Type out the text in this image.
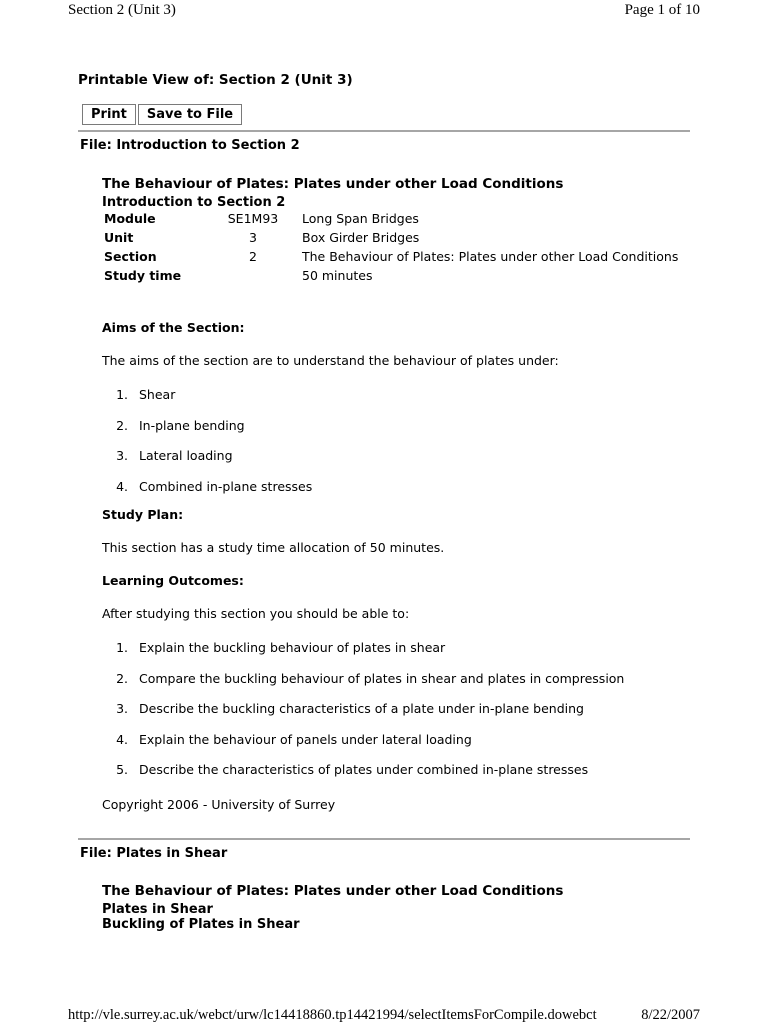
Section 2 (Unit 3)	Page 1 of 10
Printable View of: Section 2 (Unit 3)
Print Save to File
File: Introduction to Section 2
The Behaviour of Plates: Plates under other Load Conditions
Introduction to Section 2
Module	SE1M93	Long Span Bridges
Unit	3	Box Girder Bridges
Section	2	The Behaviour of Plates: Plates under other Load Conditions
Study time		50 minutes
Aims of the Section:
The aims of the section are to understand the behaviour of plates under:
1. Shear
2. In-plane bending
3. Lateral loading
4. Combined in-plane stresses
Study Plan:
This section has a study time allocation of 50 minutes.
Learning Outcomes:
After studying this section you should be able to:
1. Explain the buckling behaviour of plates in shear
2. Compare the buckling behaviour of plates in shear and plates in compression
3. Describe the buckling characteristics of a plate under in-plane bending
4. Explain the behaviour of panels under lateral loading
5. Describe the characteristics of plates under combined in-plane stresses
Copyright 2006 - University of Surrey
File: Plates in Shear
The Behaviour of Plates: Plates under other Load Conditions
Plates in Shear
Buckling of Plates in Shear
http://vle.surrey.ac.uk/webct/urw/lc14418860.tp14421994/selectItemsForCompile.dowebct	8/22/2007
